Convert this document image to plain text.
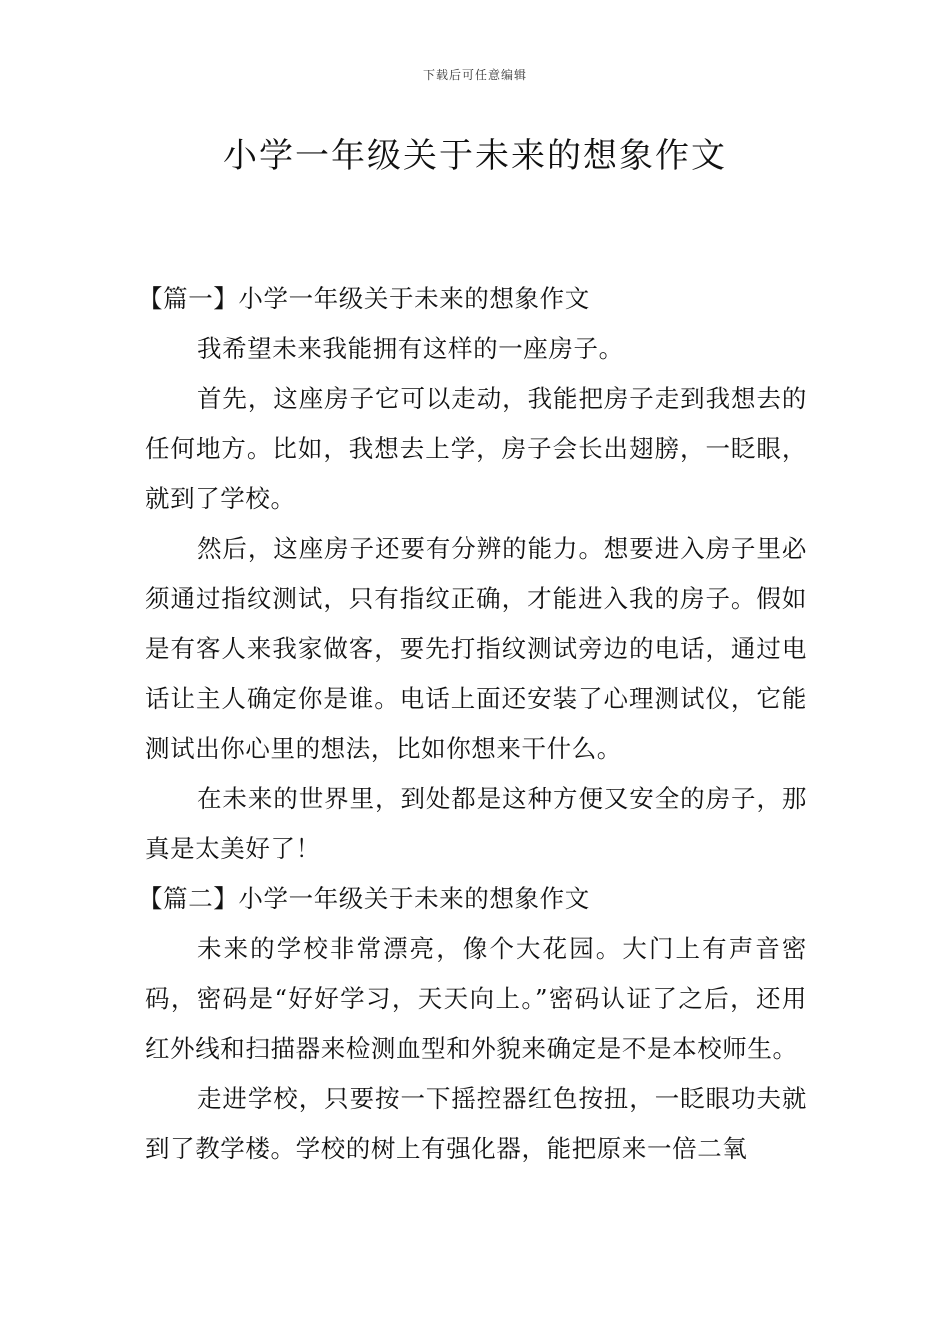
下载后可任意编辑
小学一年级关于未来的想象作文

【篇一】小学一年级关于未来的想象作文

我希望未来我能拥有这样的一座房子。

首先，这座房子它可以走动，我能把房子走到我想去的任何地方。比如，我想去上学，房子会长出翅膀，一眨眼，就到了学校。

然后，这座房子还要有分辨的能力。想要进入房子里必须通过指纹测试，只有指纹正确，才能进入我的房子。假如是有客人来我家做客，要先打指纹测试旁边的电话，通过电话让主人确定你是谁。电话上面还安装了心理测试仪，它能测试出你心里的想法，比如你想来干什么。

在未来的世界里，到处都是这种方便又安全的房子，那真是太美好了！

【篇二】小学一年级关于未来的想象作文

未来的学校非常漂亮，像个大花园。大门上有声音密码，密码是“好好学习，天天向上。”密码认证了之后，还用红外线和扫描器来检测血型和外貌来确定是不是本校师生。

走进学校，只要按一下摇控器红色按扭，一眨眼功夫就到了教学楼。学校的树上有强化器，能把原来一倍二氧
